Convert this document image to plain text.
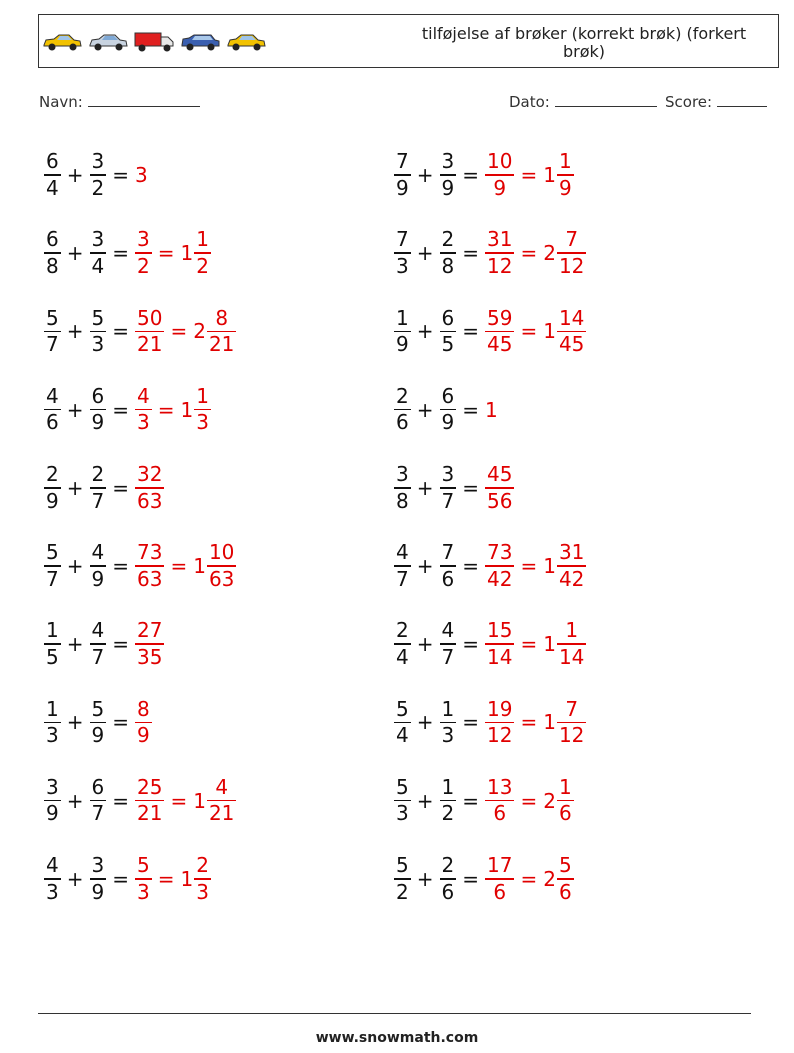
tilføjelse af brøker (korrekt brøk) (forkert brøk)
Navn:	Dato:	Score:
$\frac{6}{4} + \frac{3}{2} = 3$	$\frac{7}{9} + \frac{3}{9} = \frac{10}{9} = 1 \frac{1}{9}$
$\frac{6}{8} + \frac{3}{4} = \frac{3}{2} = 1 \frac{1}{2}$	$\frac{7}{3} + \frac{2}{8} = \frac{31}{12} = 2 \frac{7}{12}$
$\frac{5}{7} + \frac{5}{3} = \frac{50}{21} = 2 \frac{8}{21}$	$\frac{1}{9} + \frac{6}{5} = \frac{59}{45} = 1 \frac{14}{45}$
$\frac{4}{6} + \frac{6}{9} = \frac{4}{3} = 1 \frac{1}{3}$	$\frac{2}{6} + \frac{6}{9} = 1$
$\frac{2}{9} + \frac{2}{7} = \frac{32}{63}$	$\frac{3}{8} + \frac{3}{7} = \frac{45}{56}$
$\frac{5}{7} + \frac{4}{9} = \frac{73}{63} = 1 \frac{10}{63}$	$\frac{4}{7} + \frac{7}{6} = \frac{73}{42} = 1 \frac{31}{42}$
$\frac{1}{5} + \frac{4}{7} = \frac{27}{35}$	$\frac{2}{4} + \frac{4}{7} = \frac{15}{14} = 1 \frac{1}{14}$
$\frac{1}{3} + \frac{5}{9} = \frac{8}{9}$	$\frac{5}{4} + \frac{1}{3} = \frac{19}{12} = 1 \frac{7}{12}$
$\frac{3}{9} + \frac{6}{7} = \frac{25}{21} = 1 \frac{4}{21}$	$\frac{5}{3} + \frac{1}{2} = \frac{13}{6} = 2 \frac{1}{6}$
$\frac{4}{3} + \frac{3}{9} = \frac{5}{3} = 1 \frac{2}{3}$	$\frac{5}{2} + \frac{2}{6} = \frac{17}{6} = 2 \frac{5}{6}$
www.snowmath.com
